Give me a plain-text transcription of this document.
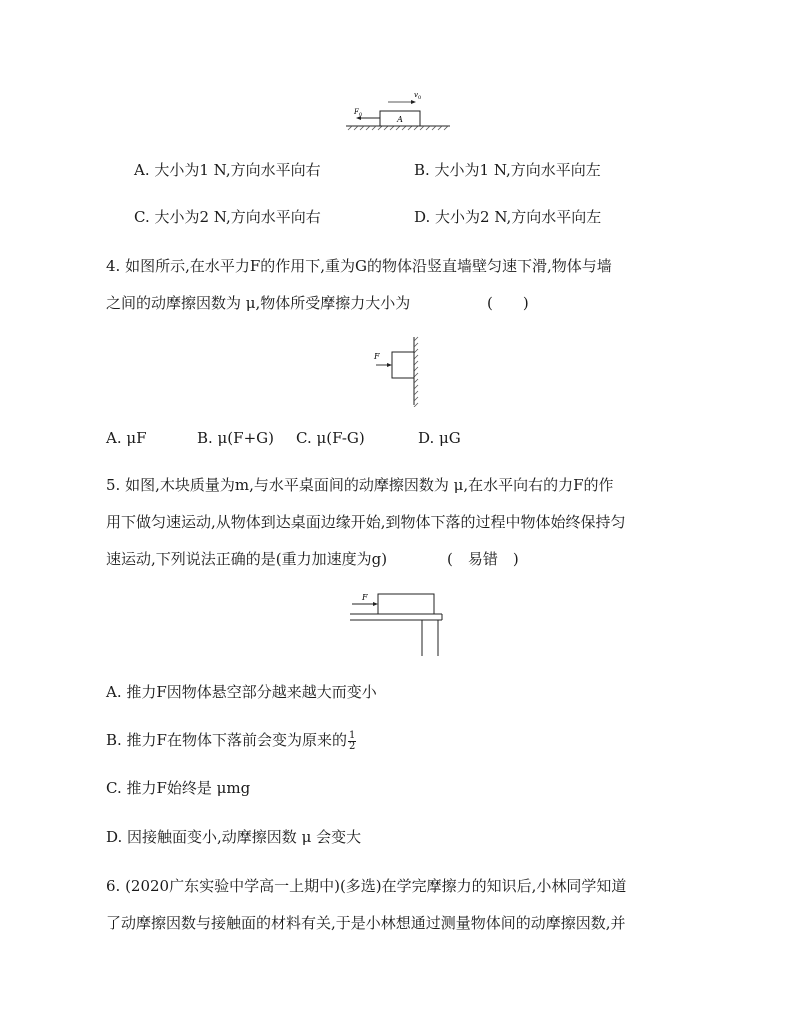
A
F 0
v 0
A. 大小为1 N,方向水平向右	B. 大小为1 N,方向水平向左
C. 大小为2 N,方向水平向右	D. 大小为2 N,方向水平向左
4. 如图所示,在水平力F的作用下,重为G的物体沿竖直墙壁匀速下滑,物体与墙
之间的动摩擦因数为 μ,物体所受摩擦力大小为	(　　)
F
A. μF	B. μ(F+G) C. μ(F-G)	D. μG
5. 如图,木块质量为m,与水平桌面间的动摩擦因数为 μ,在水平向右的力F的作
用下做匀速运动,从物体到达桌面边缘开始,到物体下落的过程中物体始终保持匀
速运动,下列说法正确的是(重力加速度为g)	(　易错　)
F
A. 推力F因物体悬空部分越来越大而变小
B. 推力F在物体下落前会变为原来的 $\frac{1}{2}$
C. 推力F始终是 μmg
D. 因接触面变小,动摩擦因数 μ 会变大
6. (2020广东实验中学高一上期中)(多选)在学完摩擦力的知识后,小林同学知道
了动摩擦因数与接触面的材料有关,于是小林想通过测量物体间的动摩擦因数,并
